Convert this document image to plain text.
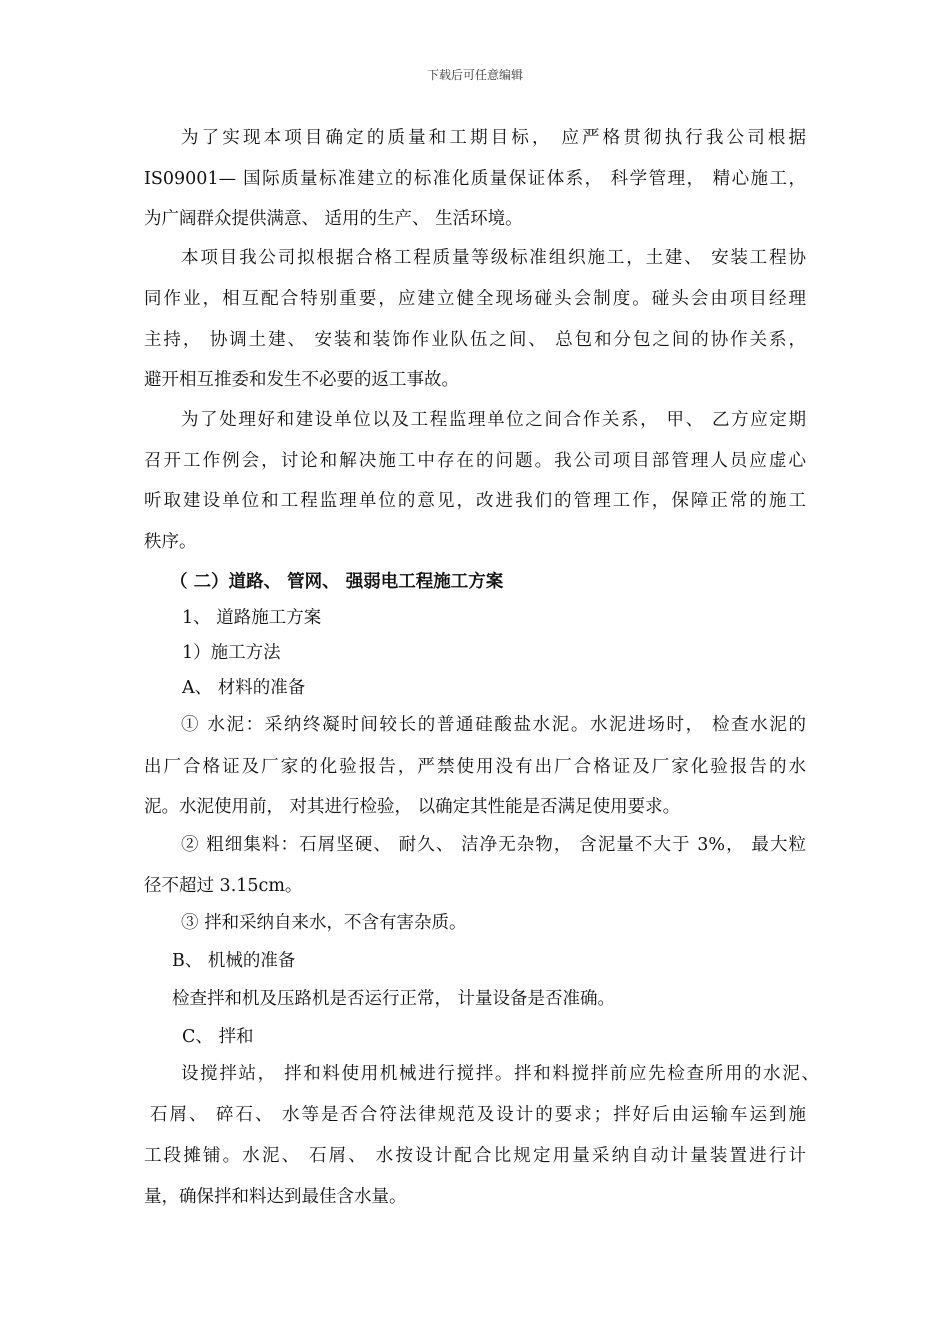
下载后可任意编辑
为了实现本项目确定的质量和工期目标， 应严格贯彻执行我公司根据
IS09001— 国际质量标准建立的标准化质量保证体系， 科学管理， 精心施工，
为广阔群众提供满意、 适用的生产、 生活环境。
本项目我公司拟根据合格工程质量等级标准组织施工，土建、 安装工程协
同作业，相互配合特别重要，应建立健全现场碰头会制度。碰头会由项目经理
主持， 协调土建、 安装和装饰作业队伍之间、 总包和分包之间的协作关系，
避开相互推委和发生不必要的返工事故。
为了处理好和建设单位以及工程监理单位之间合作关系， 甲、 乙方应定期
召开工作例会，讨论和解决施工中存在的问题。我公司项目部管理人员应虚心
听取建设单位和工程监理单位的意见，改进我们的管理工作，保障正常的施工
秩序。
（ 二）道路、 管网、 强弱电工程施工方案
1、 道路施工方案
1）施工方法
A、 材料的准备
① 水泥：采纳终凝时间较长的普通硅酸盐水泥。水泥进场时， 检查水泥的
出厂合格证及厂家的化验报告，严禁使用没有出厂合格证及厂家化验报告的水
泥。水泥使用前， 对其进行检验， 以确定其性能是否满足使用要求。
② 粗细集料：石屑坚硬、 耐久、 洁净无杂物， 含泥量不大于 3%， 最大粒
径不超过 3.15cm。
③ 拌和采纳自来水，不含有害杂质。
B、 机械的准备
检查拌和机及压路机是否运行正常， 计量设备是否准确。
C、 拌和
设搅拌站， 拌和料使用机械进行搅拌。拌和料搅拌前应先检查所用的水泥、
石屑、 碎石、 水等是否合符法律规范及设计的要求；拌好后由运输车运到施
工段摊铺。水泥、 石屑、 水按设计配合比规定用量采纳自动计量装置进行计
量，确保拌和料达到最佳含水量。
